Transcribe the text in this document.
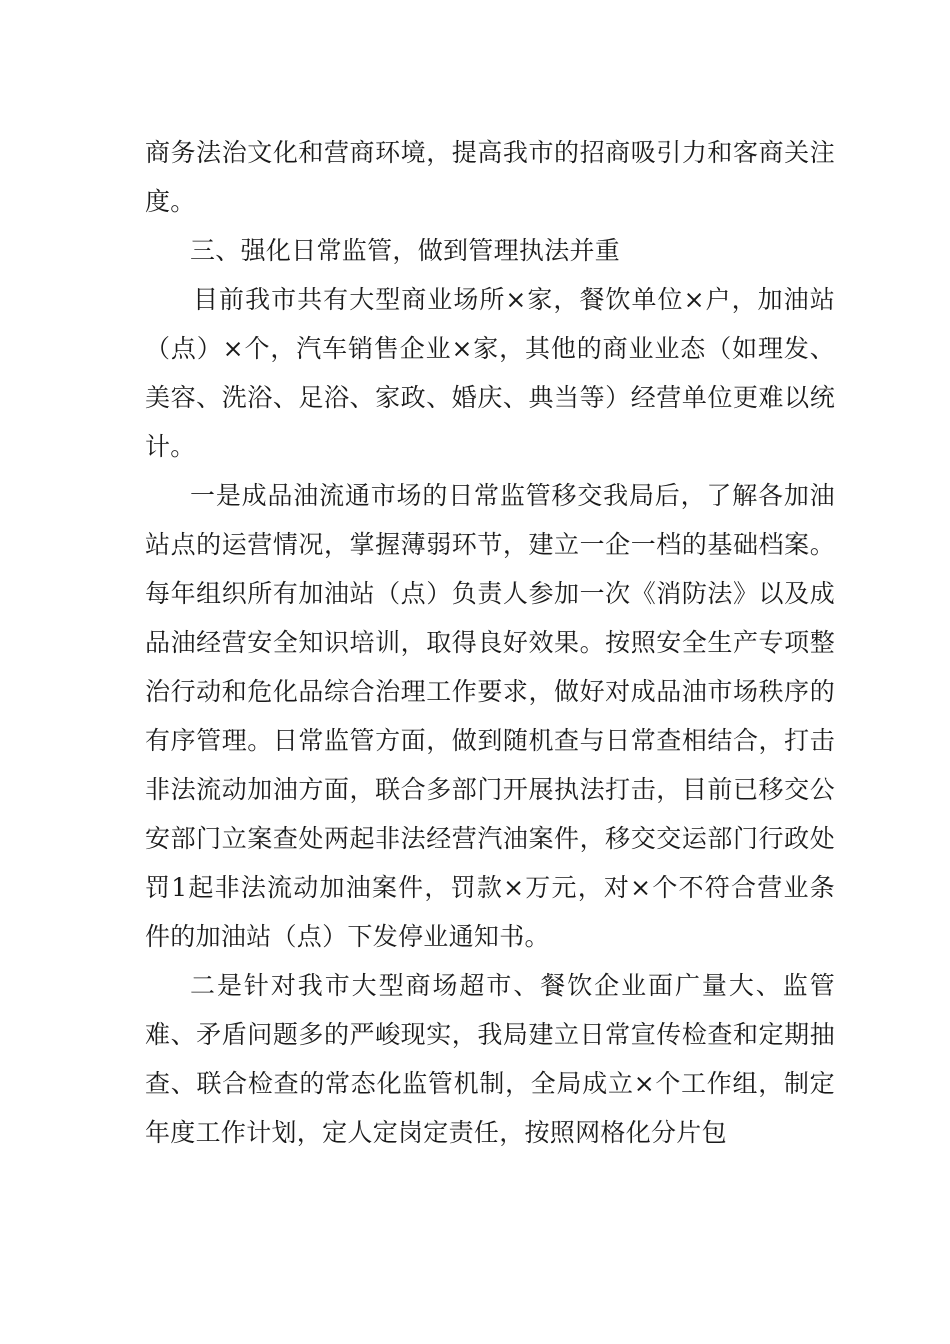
商务法治文化和营商环境，提高我市的招商吸引力和客商关注度。

三、强化日常监管，做到管理执法并重

目前我市共有大型商业场所×家，餐饮单位×户，加油站（点）×个，汽车销售企业×家，其他的商业业态（如理发、美容、洗浴、足浴、家政、婚庆、典当等）经营单位更难以统计。

一是成品油流通市场的日常监管移交我局后，了解各加油站点的运营情况，掌握薄弱环节，建立一企一档的基础档案。每年组织所有加油站（点）负责人参加一次《消防法》以及成品油经营安全知识培训，取得良好效果。按照安全生产专项整治行动和危化品综合治理工作要求，做好对成品油市场秩序的有序管理。日常监管方面，做到随机查与日常查相结合，打击非法流动加油方面，联合多部门开展执法打击，目前已移交公安部门立案查处两起非法经营汽油案件，移交交运部门行政处罚1起非法流动加油案件，罚款×万元，对×个不符合营业条件的加油站（点）下发停业通知书。

二是针对我市大型商场超市、餐饮企业面广量大、监管难、矛盾问题多的严峻现实，我局建立日常宣传检查和定期抽查、联合检查的常态化监管机制，全局成立×个工作组，制定年度工作计划，定人定岗定责任，按照网格化分片包
